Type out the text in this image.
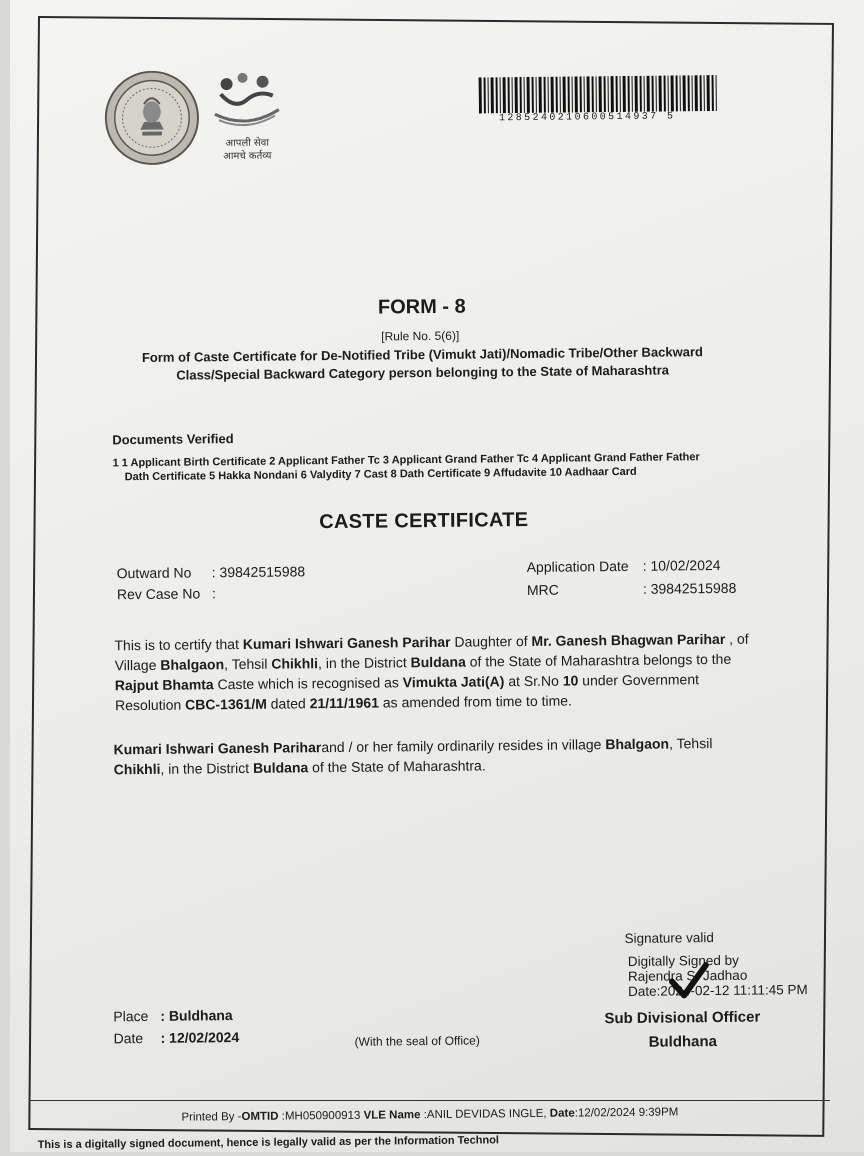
आपली सेवा
आमचे कर्तव्य
1285240210600514937 5
FORM - 8
[Rule No. 5(6)]
Form of Caste Certificate for De-Notified Tribe (Vimukt Jati)/Nomadic Tribe/Other Backward
Class/Special Backward Category person belonging to the State of Maharashtra
Documents Verified
1 1 Applicant Birth Certificate 2 Applicant Father Tc 3 Applicant Grand Father Tc 4 Applicant Grand Father Father
Dath Certificate 5 Hakka Nondani 6 Valydity 7 Cast 8 Dath Certificate 9 Affudavite 10 Aadhaar Card
CASTE CERTIFICATE
Outward No : 39842515988
Rev Case No :
Application Date : 10/02/2024
MRC	: 39842515988
This is to certify that Kumari Ishwari Ganesh Parihar Daughter of Mr. Ganesh Bhagwan Parihar , of Village Bhalgaon, Tehsil Chikhli, in the District Buldana of the State of Maharashtra belongs to the Rajput Bhamta Caste which is recognised as Vimukta Jati(A) at Sr.No 10 under Government Resolution CBC-1361/M dated 21/11/1961 as amended from time to time.
Kumari Ishwari Ganesh Pariharand / or her family ordinarily resides in village Bhalgaon, Tehsil Chikhli, in the District Buldana of the State of Maharashtra.
Signature valid
Digitally Signed by
Rajendra S. Jadhao
Date:2024-02-12 11:11:45 PM
Sub Divisional Officer
Buldhana
Place : Buldhana
Date : 12/02/2024	(With the seal of Office)
Printed By -OMTID :MH050900913 VLE Name :ANIL DEVIDAS INGLE, Date:12/02/2024 9:39PM
This is a digitally signed document, hence is legally valid as per the Information Technol
